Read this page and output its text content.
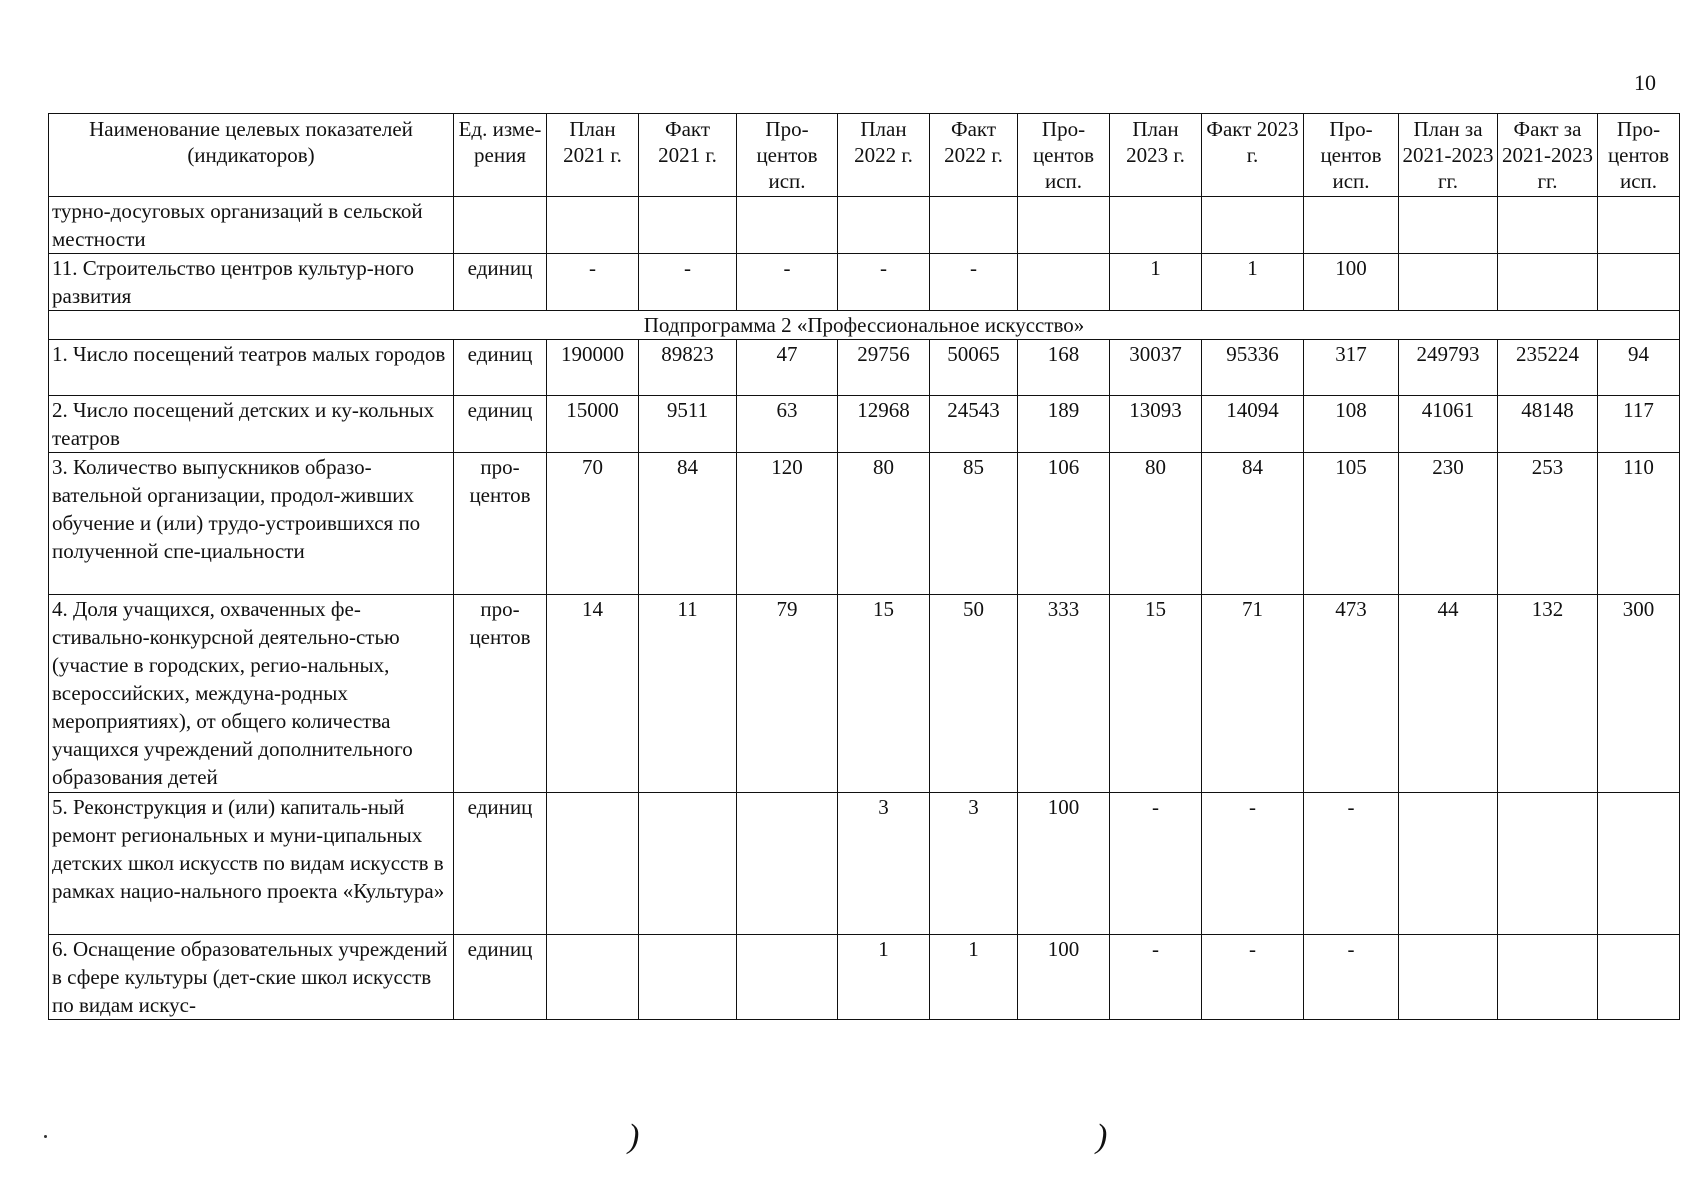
10
Наименование целевых показателей (индикаторов)	Ед. изме-рения	План 2021 г.	Факт 2021 г.	Про-центов исп.	План 2022 г.	Факт 2022 г.	Про-центов исп.	План 2023 г.	Факт 2023 г.	Про-центов исп.	План за 2021-2023 гг.	Факт за 2021-2023 гг.	Про-центов исп.
турно-досуговых организаций в сельской местности													
11. Строительство центров культур-ного развития	единиц	-	-	-	-	-		1	1	100			
Подпрограмма 2 «Профессиональное искусство»													
1. Число посещений театров малых городов	единиц	190000	89823	47	29756	50065	168	30037	95336	317	249793	235224	94
2. Число посещений детских и ку-кольных театров	единиц	15000	9511	63	12968	24543	189	13093	14094	108	41061	48148	117
3. Количество выпускников образо-вательной организации, продол-живших обучение и (или) трудо-устроившихся по полученной спе-циальности	про-центов	70	84	120	80	85	106	80	84	105	230	253	110
4. Доля учащихся, охваченных фе-стивально-конкурсной деятельно-стью (участие в городских, регио-нальных, всероссийских, междуна-родных мероприятиях), от общего количества учащихся учреждений дополнительного образования детей	про-центов	14	11	79	15	50	333	15	71	473	44	132	300
5. Реконструкция и (или) капиталь-ный ремонт региональных и муни-ципальных детских школ искусств по видам искусств в рамках нацио-нального проекта «Культура»	единиц				3	3	100	-	-	-			
6. Оснащение образовательных учреждений в сфере культуры (дет-ские школ искусств по видам искус-	единиц				1	1	100	-	-	-			
)	)
